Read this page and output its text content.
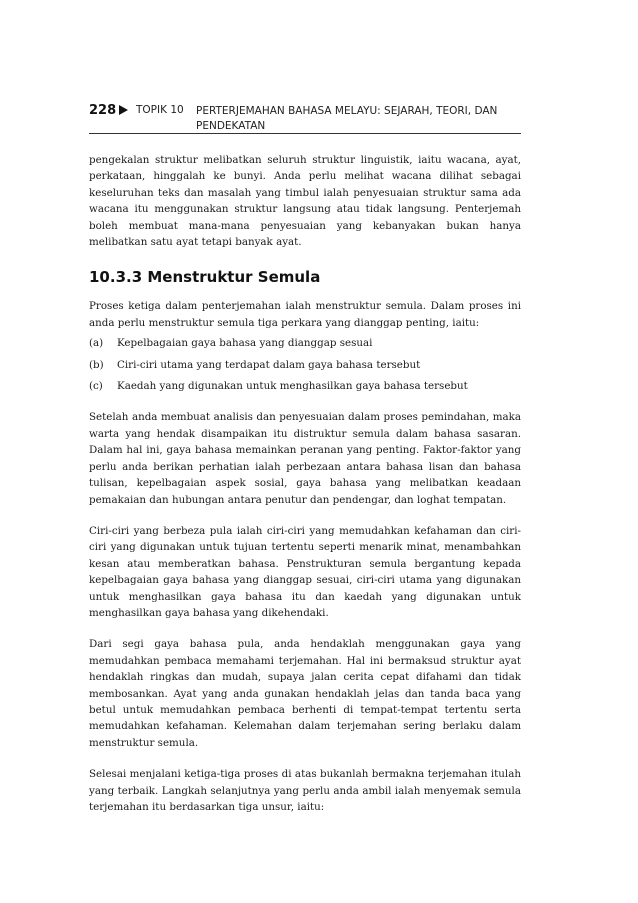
228 TOPIK 10 PERTERJEMAHAN BAHASA MELAYU: SEJARAH, TEORI, DAN PENDEKATAN

pengekalan struktur melibatkan seluruh struktur linguistik, iaitu wacana, ayat, perkataan, hinggalah ke bunyi. Anda perlu melihat wacana dilihat sebagai keseluruhan teks dan masalah yang timbul ialah penyesuaian struktur sama ada wacana itu menggunakan struktur langsung atau tidak langsung. Penterjemah boleh membuat mana-mana penyesuaian yang kebanyakan bukan hanya melibatkan satu ayat tetapi banyak ayat.

10.3.3 Menstruktur Semula

Proses ketiga dalam penterjemahan ialah menstruktur semula. Dalam proses ini anda perlu menstruktur semula tiga perkara yang dianggap penting, iaitu:

(a)	Kepelbagaian gaya bahasa yang dianggap sesuai
(b)	Ciri-ciri utama yang terdapat dalam gaya bahasa tersebut
(c)	Kaedah yang digunakan untuk menghasilkan gaya bahasa tersebut

Setelah anda membuat analisis dan penyesuaian dalam proses pemindahan, maka warta yang hendak disampaikan itu distruktur semula dalam bahasa sasaran. Dalam hal ini, gaya bahasa memainkan peranan yang penting. Faktor-faktor yang perlu anda berikan perhatian ialah perbezaan antara bahasa lisan dan bahasa tulisan, kepelbagaian aspek sosial, gaya bahasa yang melibatkan keadaan pemakaian dan hubungan antara penutur dan pendengar, dan loghat tempatan.

Ciri-ciri yang berbeza pula ialah ciri-ciri yang memudahkan kefahaman dan ciri-ciri yang digunakan untuk tujuan tertentu seperti menarik minat, menambahkan kesan atau memberatkan bahasa. Penstrukturan semula bergantung kepada kepelbagaian gaya bahasa yang dianggap sesuai, ciri-ciri utama yang digunakan untuk menghasilkan gaya bahasa itu dan kaedah yang digunakan untuk menghasilkan gaya bahasa yang dikehendaki.

Dari segi gaya bahasa pula, anda hendaklah menggunakan gaya yang memudahkan pembaca memahami terjemahan. Hal ini bermaksud struktur ayat hendaklah ringkas dan mudah, supaya jalan cerita cepat difahami dan tidak membosankan. Ayat yang anda gunakan hendaklah jelas dan tanda baca yang betul untuk memudahkan pembaca berhenti di tempat-tempat tertentu serta memudahkan kefahaman. Kelemahan dalam terjemahan sering berlaku dalam menstruktur semula.

Selesai menjalani ketiga-tiga proses di atas bukanlah bermakna terjemahan itulah yang terbaik. Langkah selanjutnya yang perlu anda ambil ialah menyemak semula terjemahan itu berdasarkan tiga unsur, iaitu:
